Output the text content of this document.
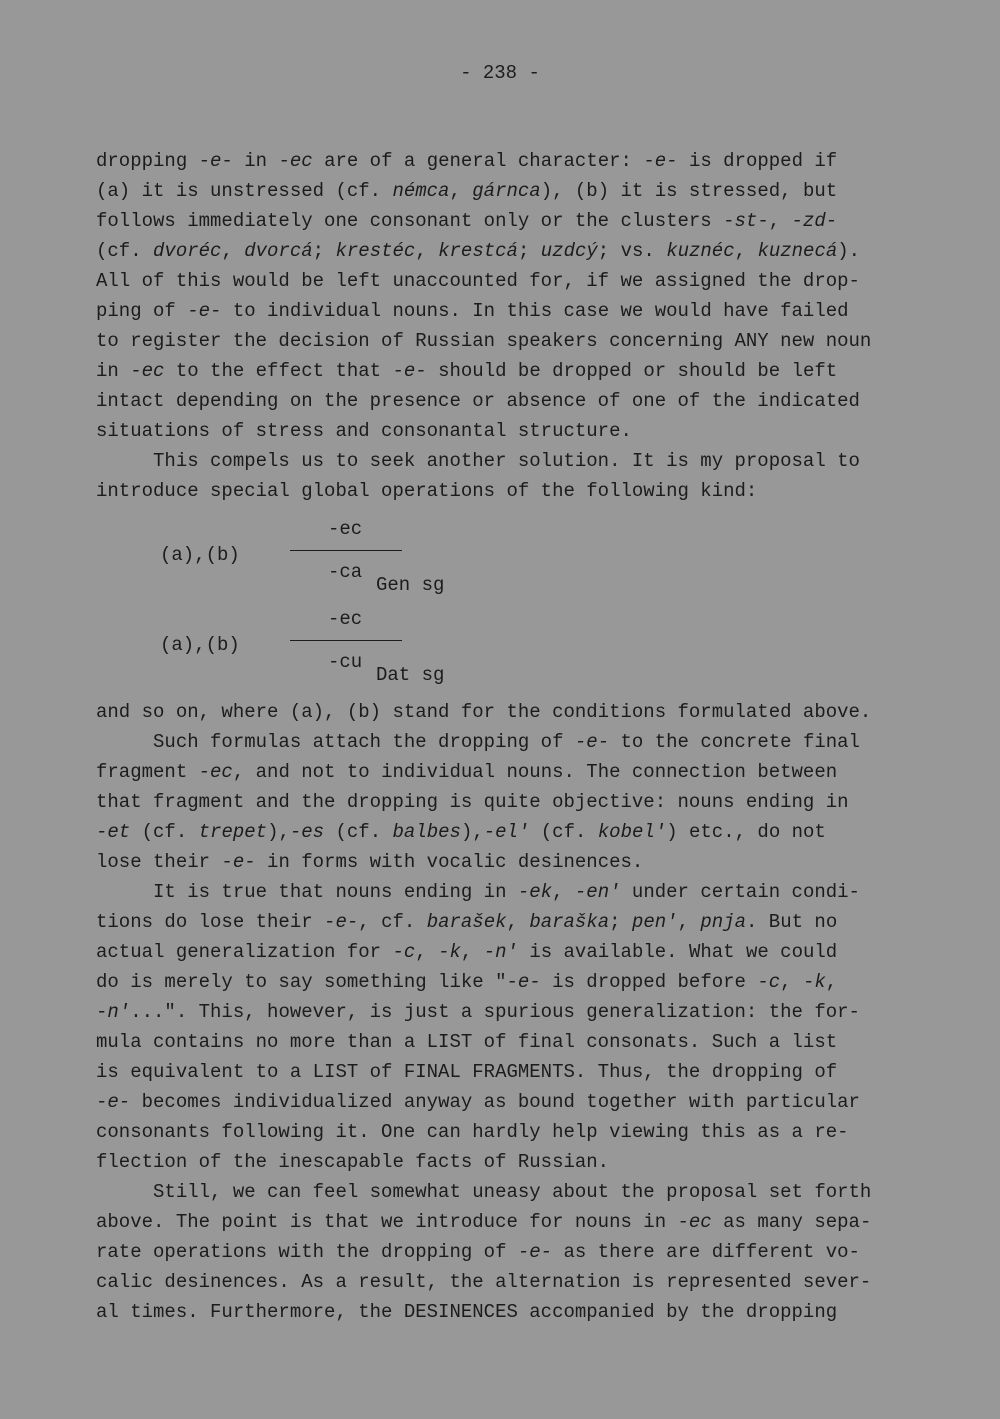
- 238 -
dropping -e- in -ec are of a general character: -e- is dropped if
(a) it is unstressed (cf. némca, gárnca), (b) it is stressed, but
follows immediately one consonant only or the clusters -st-, -zd-
(cf. dvoréc, dvorcá; krestéc, krestcá; uzdcý; vs. kuznéc, kuznecá).
All of this would be left unaccounted for, if we assigned the drop-
ping of -e- to individual nouns. In this case we would have failed
to register the decision of Russian speakers concerning ANY new noun
in -ec to the effect that -e- should be dropped or should be left
intact depending on the presence or absence of one of the indicated
situations of stress and consonantal structure.
This compels us to seek another solution. It is my proposal to
introduce special global operations of the following kind:
(a),(b)
-ec
-ca
Gen sg
(a),(b)
-ec
-cu
Dat sg
and so on, where (a), (b) stand for the conditions formulated above.
Such formulas attach the dropping of -e- to the concrete final
fragment -ec, and not to individual nouns. The connection between
that fragment and the dropping is quite objective: nouns ending in
-et (cf. trepet),-es (cf. balbes),-el' (cf. kobel') etc., do not
lose their -e- in forms with vocalic desinences.
It is true that nouns ending in -ek, -en' under certain condi-
tions do lose their -e-, cf. barašek, baraška; pen', pnja. But no
actual generalization for -c, -k, -n' is available. What we could
do is merely to say something like "-e- is dropped before -c, -k,
-n'...". This, however, is just a spurious generalization: the for-
mula contains no more than a LIST of final consonats. Such a list
is equivalent to a LIST of FINAL FRAGMENTS. Thus, the dropping of
-e- becomes individualized anyway as bound together with particular
consonants following it. One can hardly help viewing this as a re-
flection of the inescapable facts of Russian.
Still, we can feel somewhat uneasy about the proposal set forth
above. The point is that we introduce for nouns in -ec as many sepa-
rate operations with the dropping of -e- as there are different vo-
calic desinences. As a result, the alternation is represented sever-
al times. Furthermore, the DESINENCES accompanied by the dropping
